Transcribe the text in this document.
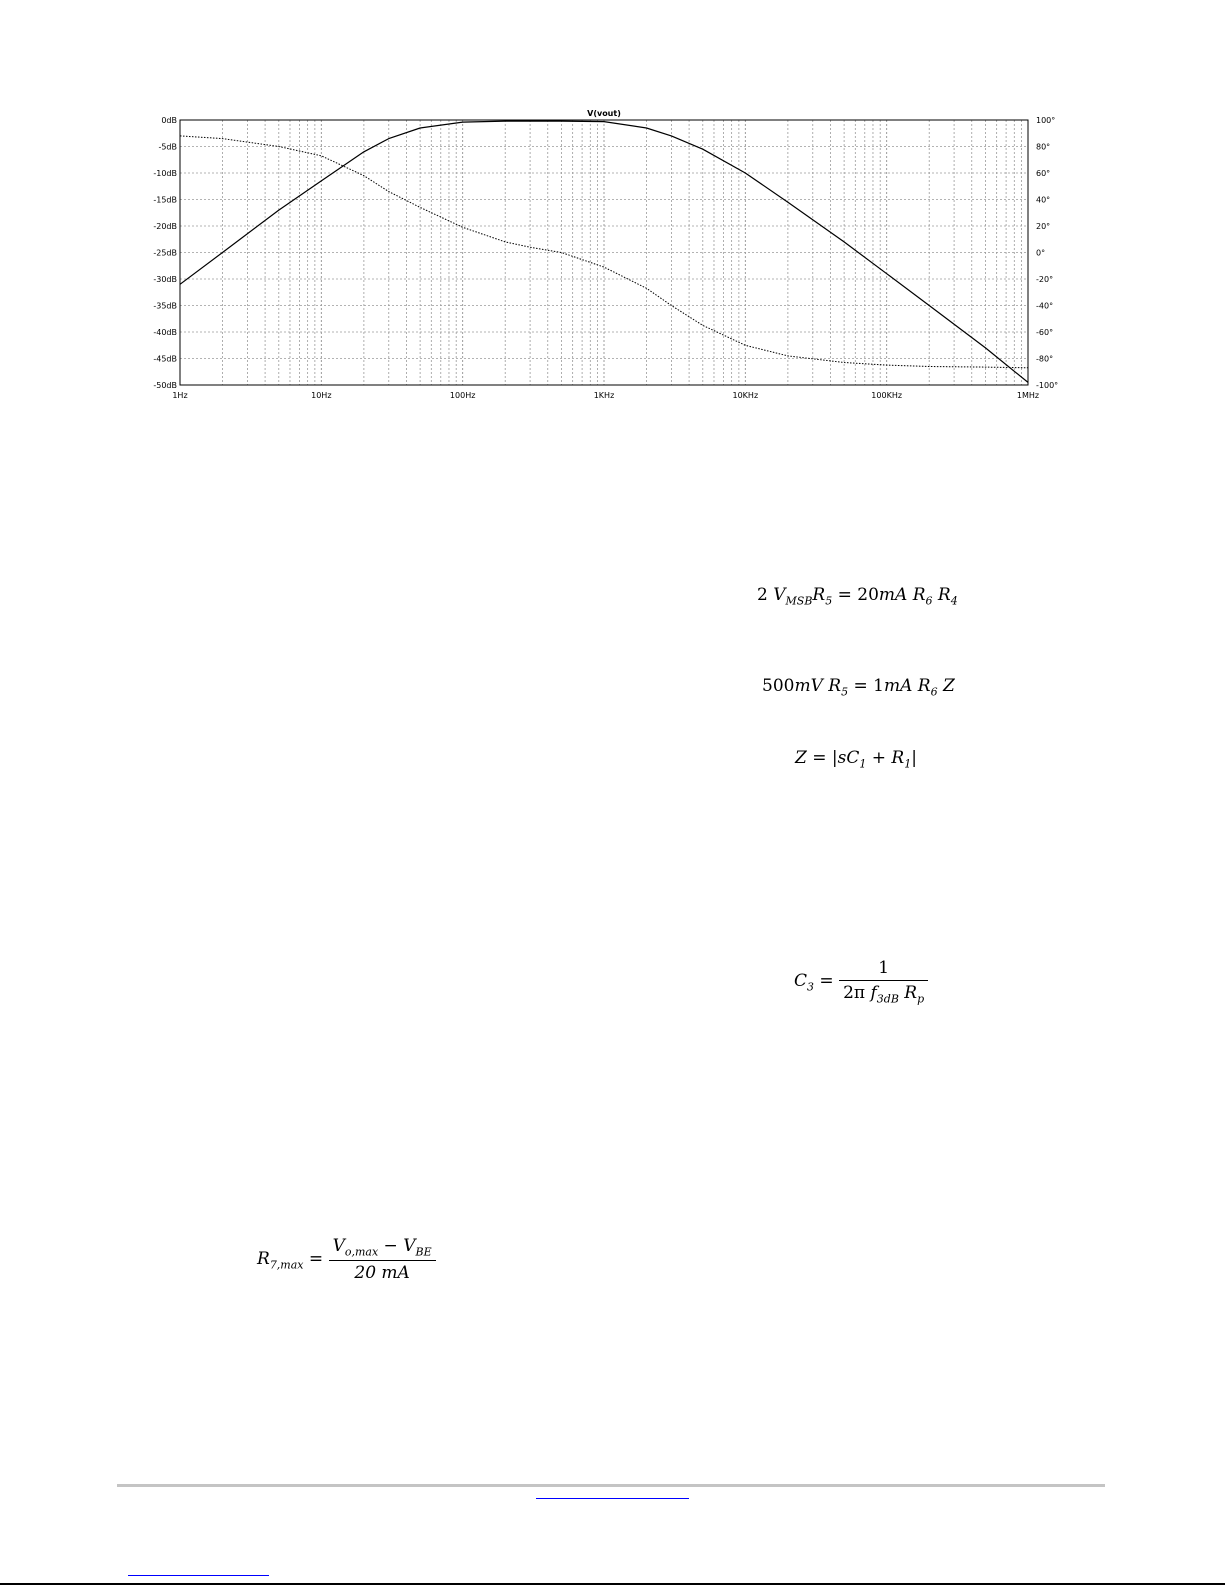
V(vout)
0dB
-5dB
-10dB
-15dB
-20dB
-25dB
-30dB
-35dB
-40dB
-45dB
-50dB
100°
80°
60°
40°
20°
0°
-20°
-40°
-60°
-80°
-100°
1Hz	10Hz	100Hz	1KHz	10KHz	100KHz	1MHz
2 $V_{MSB}R_5 = 20mA$ $R_6$ $R_4$
500mV $R_5 = 1mA$ $R_6$ Z
$Z = |sC_1 + R_1|$
$C_3 = \frac{1}{2\pi f_{3dB} R_p}$
$R_{7,max} = \frac{V_{o,max} - V_{BE}}{20 mA}$
